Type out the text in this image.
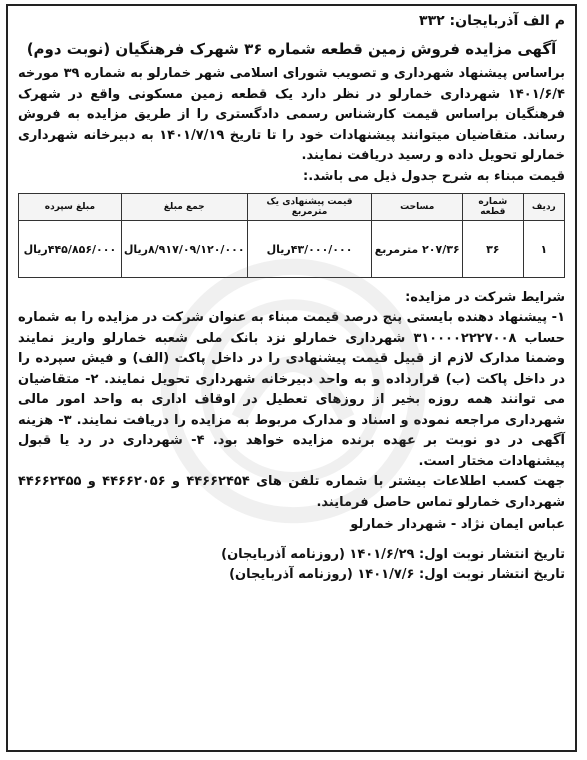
م الف آذربایجان: ۳۳۲
آگهی مزایده فروش زمین قطعه شماره ۳۶ شهرک فرهنگیان (نوبت دوم)

براساس پیشنهاد شهرداری و تصویب شورای اسلامی شهر خمارلو به شماره ۳۹ مورخه ۱۴۰۱/۶/۴ شهرداری خمارلو در نظر دارد یک قطعه زمین مسکونی واقع در شهرک فرهنگیان براساس قیمت کارشناس رسمی دادگستری را از طریق مزایده به فروش رساند. متقاضیان میتوانند پیشنهادات خود را تا تاریخ ۱۴۰۱/۷/۱۹ به دبیرخانه شهرداری خمارلو تحویل داده و رسید دریافت نمایند.

قیمت مبناء به شرح جدول ذیل می باشد.:

ردیف	شماره قطعه	مساحت	قیمت پیشنهادی یک مترمربع	جمع مبلغ	مبلغ سپرده
۱	۳۶	۲۰۷/۳۶ مترمربع	۴۳/۰۰۰/۰۰۰ریال	۸/۹۱۷/۰۹/۱۲۰/۰۰۰ریال	۴۴۵/۸۵۶/۰۰۰ریال
شرایط شرکت در مزایده:

۱- پیشنهاد دهنده بایستی پنج درصد قیمت مبناء به عنوان شرکت در مزایده را به شماره حساب ۳۱۰۰۰۰۲۲۲۷۰۰۸ شهرداری خمارلو نزد بانک ملی شعبه خمارلو واریز نمایند وضمنا مدارک لازم از قبیل قیمت پیشنهادی را در داخل پاکت (الف) و فیش سپرده را در داخل پاکت (ب) قرارداده و به واحد دبیرخانه شهرداری تحویل نمایند. ۲- متقاضیان می توانند همه روزه بخیر از روزهای تعطیل در اوقاف اداری به واحد امور مالی شهرداری مراجعه نموده و اسناد و مدارک مربوط به مزایده را دریافت نمایند. ۳- هزینه آگهی در دو نوبت بر عهده برنده مزایده خواهد بود. ۴- شهرداری در رد یا قبول پیشنهادات مختار است.

جهت کسب اطلاعات بیشتر با شماره تلفن های ۴۴۶۶۲۴۵۴ و ۴۴۶۶۲۰۵۶ و ۴۴۶۶۲۴۵۵ شهرداری خمارلو تماس حاصل فرمایند.

عباس ایمان نژاد - شهردار خمارلو
تاریخ انتشار نوبت اول: ۱۴۰۱/۶/۲۹ (روزنامه آذربایجان)
تاریخ انتشار نوبت اول: ۱۴۰۱/۷/۶ (روزنامه آذربایجان)
